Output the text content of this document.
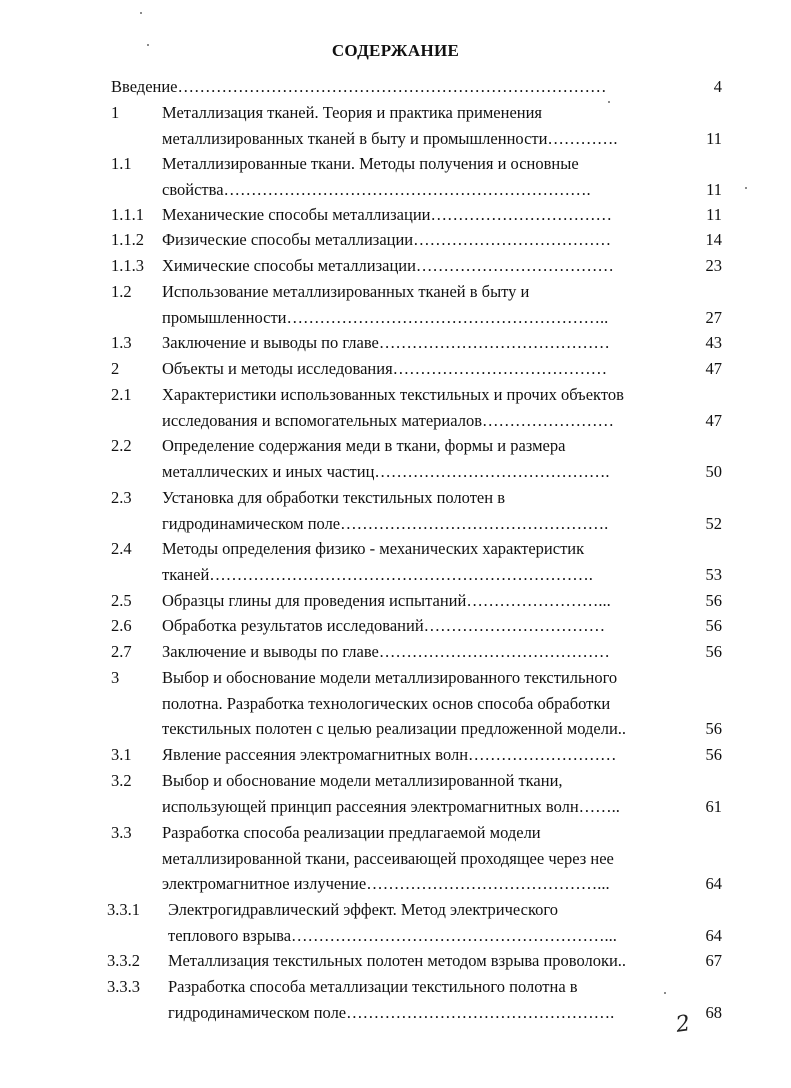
СОДЕРЖАНИЕ
Введение……………………………………………………………………	4
1	Металлизация тканей. Теория и практика применения
металлизированных тканей в быту и промышленности………….	11
1.1 Металлизированные ткани. Методы получения и основные
свойства………………………………………………………….	11
1.1.1 Механические способы металлизации……………………………	11
1.1.2 Физические способы металлизации………………………………	14
1.1.3 Химические способы металлизации………………………………	23
1.2 Использование металлизированных тканей в быту и
промышленности…………………………………………………..	27
1.3 Заключение и выводы по главе……………………………………	43
2	Объекты и методы исследования…………………………………	47
2.1 Характеристики использованных текстильных и прочих объектов
исследования и вспомогательных материалов……………………	47
2.2 Определение содержания меди в ткани, формы и размера
металлических и иных частиц…………………………………….	50
2.3 Установка для обработки текстильных полотен в
гидродинамическом поле………………………………………….	52
2.4 Методы определения физико - механических характеристик
тканей…………………………………………………………….	53
2.5 Образцы глины для проведения испытаний……………………...	56
2.6 Обработка результатов исследований……………………………	56
2.7 Заключение и выводы по главе……………………………………	56
3	Выбор и обоснование модели металлизированного текстильного
полотна. Разработка технологических основ способа обработки
текстильных полотен с целью реализации предложенной модели..	56
3.1 Явление рассеяния электромагнитных волн………………………	56
3.2 Выбор и обоснование модели металлизированной ткани,
использующей принцип рассеяния электромагнитных волн……..	61
3.3 Разработка способа реализации предлагаемой модели
металлизированной ткани, рассеивающей проходящее через нее
электромагнитное излучение……………………………………...	64
3.3.1 Электрогидравлический эффект. Метод электрического
теплового взрыва…………………………………………………...	64
3.3.2 Металлизация текстильных полотен методом взрыва проволоки..	67
3.3.3 Разработка способа металлизации текстильного полотна в
гидродинамическом поле………………………………………….	68
2
